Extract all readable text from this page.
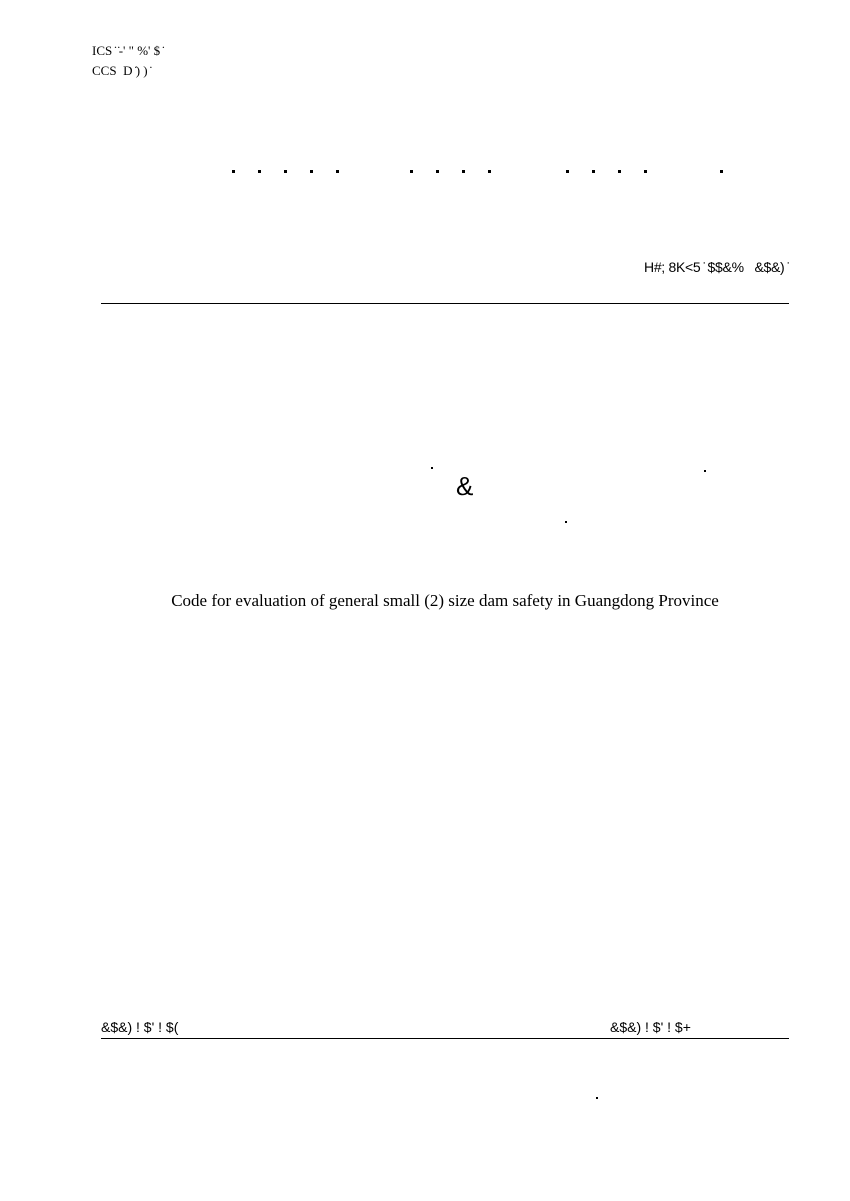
ICS ̇ ̇-' " %' $ ̇
CCS  D ̇) ) ̇
H#; 8K<5 ̇ $$&%   &$&) ̇
&
Code for evaluation of general small (2) size dam safety in Guangdong Province
&$&) ! $' ! $(	&$&) ! $' ! $+
